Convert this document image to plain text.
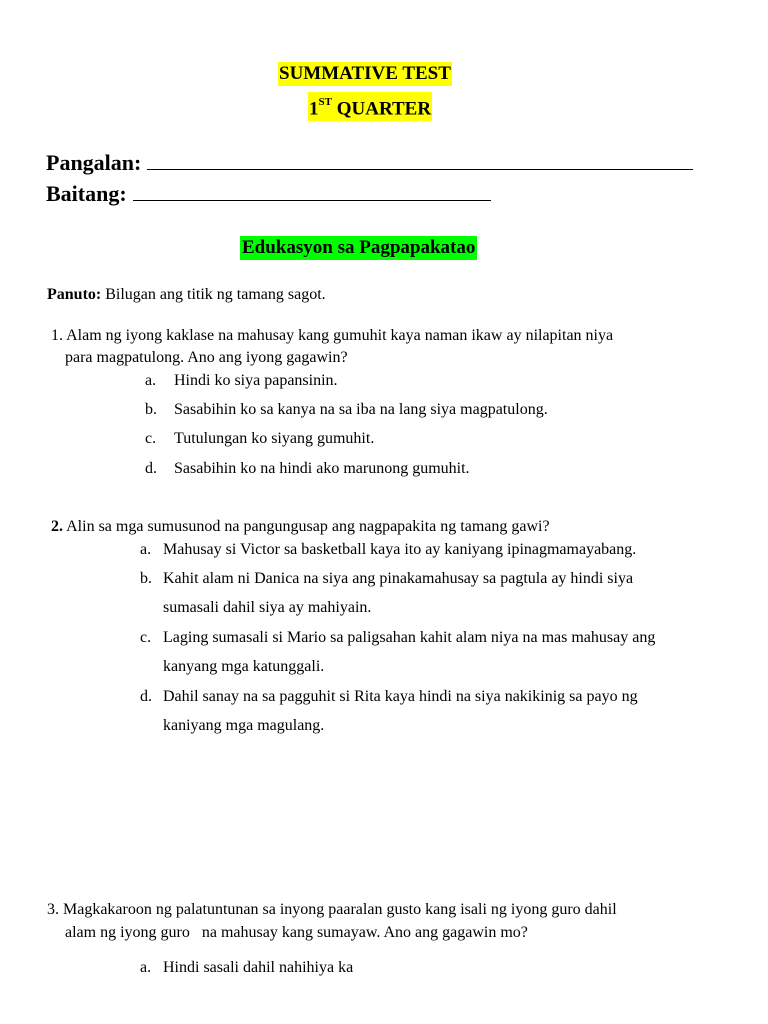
SUMMATIVE TEST
1ST QUARTER
Pangalan:
Baitang:
Edukasyon sa Pagpapakatao
Panuto: Bilugan ang titik ng tamang sagot.
1. Alam ng iyong kaklase na mahusay kang gumuhit kaya naman ikaw ay nilapitan niya
para magpatulong. Ano ang iyong gagawin?
a. Hindi ko siya papansinin.
b. Sasabihin ko sa kanya na sa iba na lang siya magpatulong.
c. Tutulungan ko siyang gumuhit.
d. Sasabihin ko na hindi ako marunong gumuhit.
2. Alin sa mga sumusunod na pangungusap ang nagpapakita ng tamang gawi?
a. Mahusay si Victor sa basketball kaya ito ay kaniyang ipinagmamayabang.
b. Kahit alam ni Danica na siya ang pinakamahusay sa pagtula ay hindi siya
sumasali dahil siya ay mahiyain.
c. Laging sumasali si Mario sa paligsahan kahit alam niya na mas mahusay ang
kanyang mga katunggali.
d. Dahil sanay na sa pagguhit si Rita kaya hindi na siya nakikinig sa payo ng
kaniyang mga magulang.
3. Magkakaroon ng palatuntunan sa inyong paaralan gusto kang isali ng iyong guro dahil
alam ng iyong guro   na mahusay kang sumayaw. Ano ang gagawin mo?
a. Hindi sasali dahil nahihiya ka
